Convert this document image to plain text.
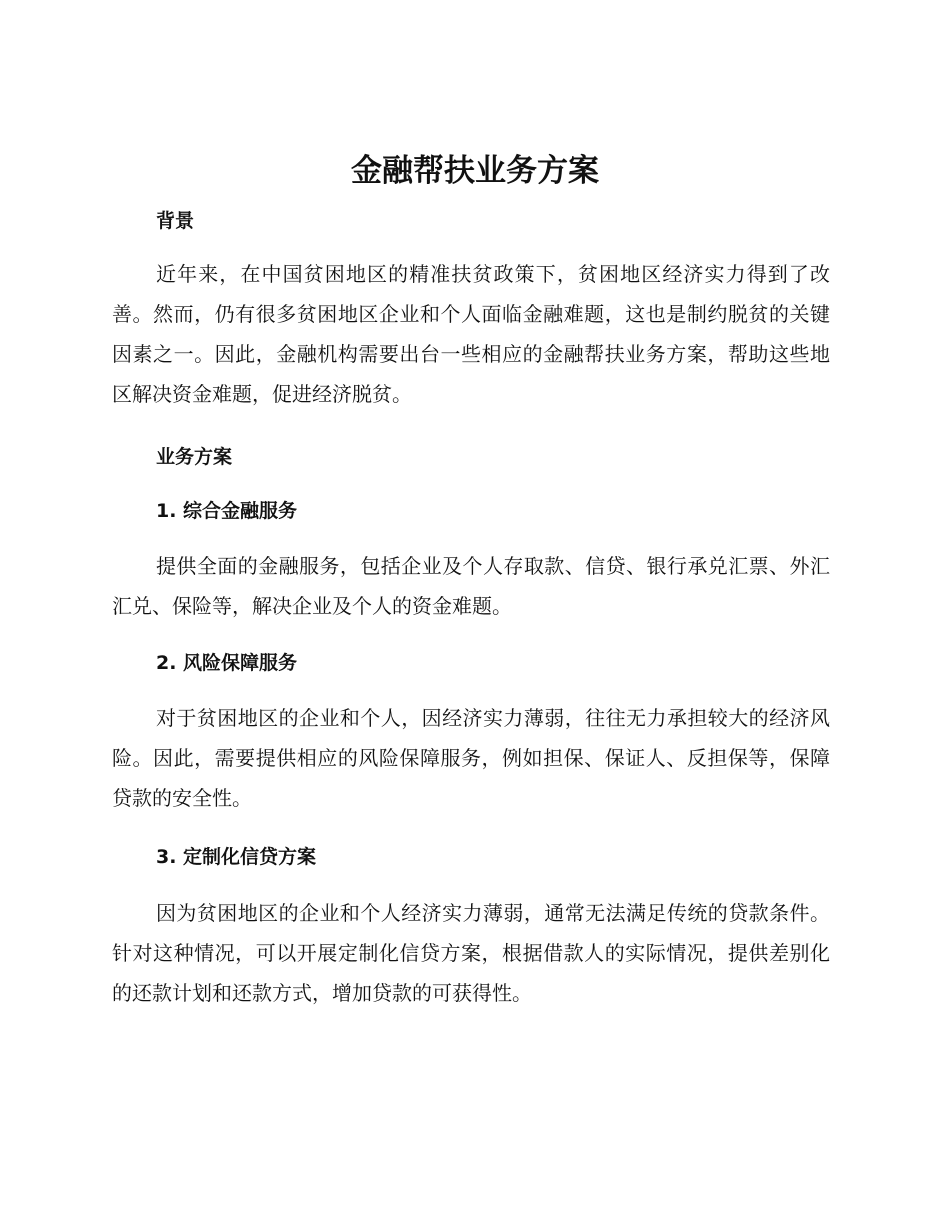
金融帮扶业务方案
背景

近年来，在中国贫困地区的精准扶贫政策下，贫困地区经济实力得到了改善。然而，仍有很多贫困地区企业和个人面临金融难题，这也是制约脱贫的关键因素之一。因此，金融机构需要出台一些相应的金融帮扶业务方案，帮助这些地区解决资金难题，促进经济脱贫。

业务方案
1. 综合金融服务

提供全面的金融服务，包括企业及个人存取款、信贷、银行承兑汇票、外汇汇兑、保险等，解决企业及个人的资金难题。

2. 风险保障服务

对于贫困地区的企业和个人，因经济实力薄弱，往往无力承担较大的经济风险。因此，需要提供相应的风险保障服务，例如担保、保证人、反担保等，保障贷款的安全性。

3. 定制化信贷方案

因为贫困地区的企业和个人经济实力薄弱，通常无法满足传统的贷款条件。针对这种情况，可以开展定制化信贷方案，根据借款人的实际情况，提供差别化的还款计划和还款方式，增加贷款的可获得性。
